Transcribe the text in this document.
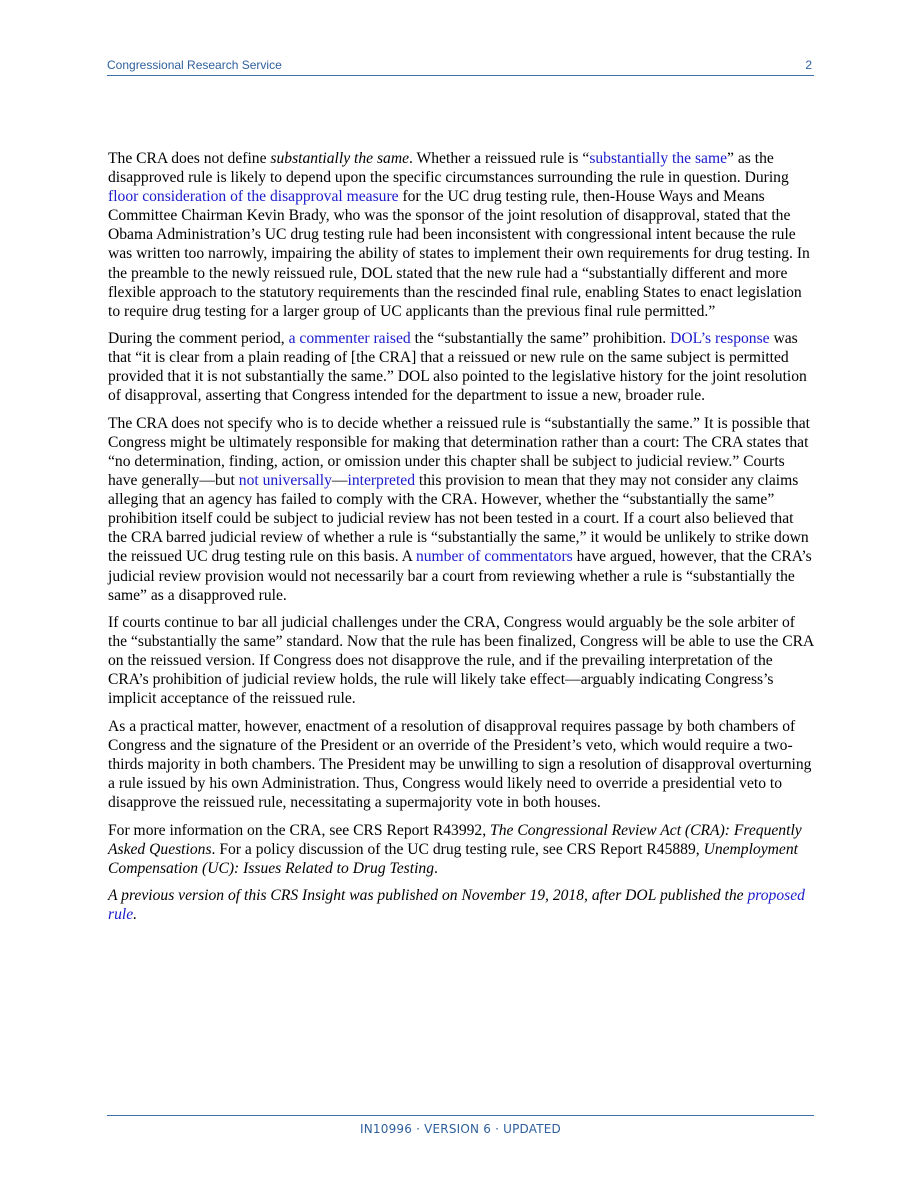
Congressional Research Service	2

The CRA does not define substantially the same. Whether a reissued rule is “substantially the same” as the disapproved rule is likely to depend upon the specific circumstances surrounding the rule in question. During floor consideration of the disapproval measure for the UC drug testing rule, then-House Ways and Means Committee Chairman Kevin Brady, who was the sponsor of the joint resolution of disapproval, stated that the Obama Administration’s UC drug testing rule had been inconsistent with congressional intent because the rule was written too narrowly, impairing the ability of states to implement their own requirements for drug testing. In the preamble to the newly reissued rule, DOL stated that the new rule had a “substantially different and more flexible approach to the statutory requirements than the rescinded final rule, enabling States to enact legislation to require drug testing for a larger group of UC applicants than the previous final rule permitted.”

During the comment period, a commenter raised the “substantially the same” prohibition. DOL’s response was that “it is clear from a plain reading of [the CRA] that a reissued or new rule on the same subject is permitted provided that it is not substantially the same.” DOL also pointed to the legislative history for the joint resolution of disapproval, asserting that Congress intended for the department to issue a new, broader rule.

The CRA does not specify who is to decide whether a reissued rule is “substantially the same.” It is possible that Congress might be ultimately responsible for making that determination rather than a court: The CRA states that “no determination, finding, action, or omission under this chapter shall be subject to judicial review.” Courts have generally—but not universally—interpreted this provision to mean that they may not consider any claims alleging that an agency has failed to comply with the CRA. However, whether the “substantially the same” prohibition itself could be subject to judicial review has not been tested in a court. If a court also believed that the CRA barred judicial review of whether a rule is “substantially the same,” it would be unlikely to strike down the reissued UC drug testing rule on this basis. A number of commentators have argued, however, that the CRA’s judicial review provision would not necessarily bar a court from reviewing whether a rule is “substantially the same” as a disapproved rule.

If courts continue to bar all judicial challenges under the CRA, Congress would arguably be the sole arbiter of the “substantially the same” standard. Now that the rule has been finalized, Congress will be able to use the CRA on the reissued version. If Congress does not disapprove the rule, and if the prevailing interpretation of the CRA’s prohibition of judicial review holds, the rule will likely take effect—arguably indicating Congress’s implicit acceptance of the reissued rule.

As a practical matter, however, enactment of a resolution of disapproval requires passage by both chambers of Congress and the signature of the President or an override of the President’s veto, which would require a two-thirds majority in both chambers. The President may be unwilling to sign a resolution of disapproval overturning a rule issued by his own Administration. Thus, Congress would likely need to override a presidential veto to disapprove the reissued rule, necessitating a supermajority vote in both houses.

For more information on the CRA, see CRS Report R43992, The Congressional Review Act (CRA): Frequently Asked Questions. For a policy discussion of the UC drug testing rule, see CRS Report R45889, Unemployment Compensation (UC): Issues Related to Drug Testing.

A previous version of this CRS Insight was published on November 19, 2018, after DOL published the proposed rule.

IN10996 · VERSION 6 · UPDATED
